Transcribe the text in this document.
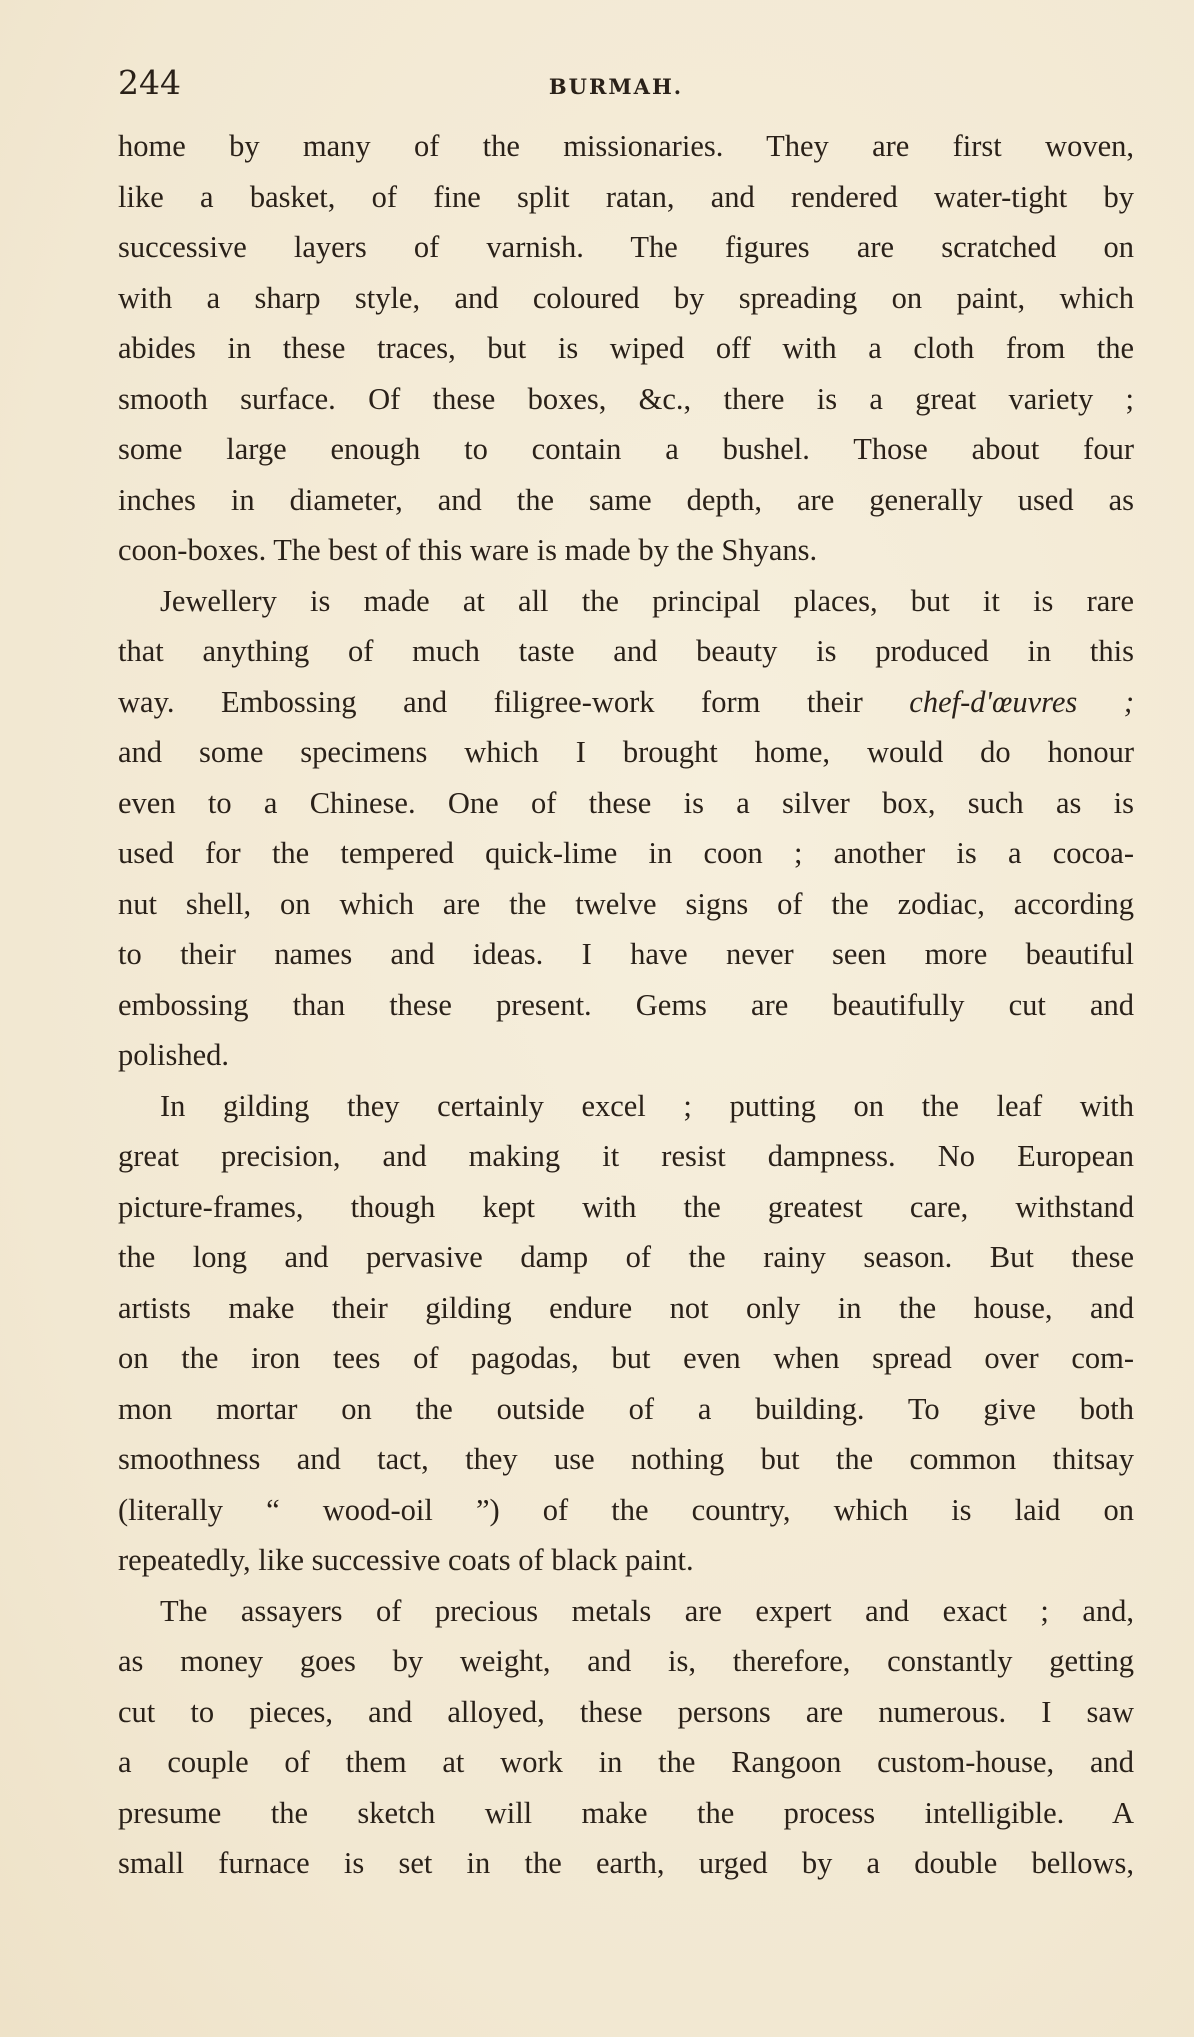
244	BURMAH.
home by many of the missionaries. They are first woven,
like a basket, of fine split ratan, and rendered water-tight by
successive layers of varnish. The figures are scratched on
with a sharp style, and coloured by spreading on paint, which
abides in these traces, but is wiped off with a cloth from the
smooth surface. Of these boxes, &c., there is a great variety ;
some large enough to contain a bushel. Those about four
inches in diameter, and the same depth, are generally used as
coon-boxes. The best of this ware is made by the Shyans.
Jewellery is made at all the principal places, but it is rare
that anything of much taste and beauty is produced in this
way. Embossing and filigree-work form their chef-d'œuvres ;
and some specimens which I brought home, would do honour
even to a Chinese. One of these is a silver box, such as is
used for the tempered quick-lime in coon ; another is a cocoa-
nut shell, on which are the twelve signs of the zodiac, according
to their names and ideas. I have never seen more beautiful
embossing than these present. Gems are beautifully cut and
polished.
In gilding they certainly excel ; putting on the leaf with
great precision, and making it resist dampness. No European
picture-frames, though kept with the greatest care, withstand
the long and pervasive damp of the rainy season. But these
artists make their gilding endure not only in the house, and
on the iron tees of pagodas, but even when spread over com-
mon mortar on the outside of a building. To give both
smoothness and tact, they use nothing but the common thitsay
(literally “ wood-oil ”) of the country, which is laid on
repeatedly, like successive coats of black paint.
The assayers of precious metals are expert and exact ; and,
as money goes by weight, and is, therefore, constantly getting
cut to pieces, and alloyed, these persons are numerous. I saw
a couple of them at work in the Rangoon custom-house, and
presume the sketch will make the process intelligible. A
small furnace is set in the earth, urged by a double bellows,
